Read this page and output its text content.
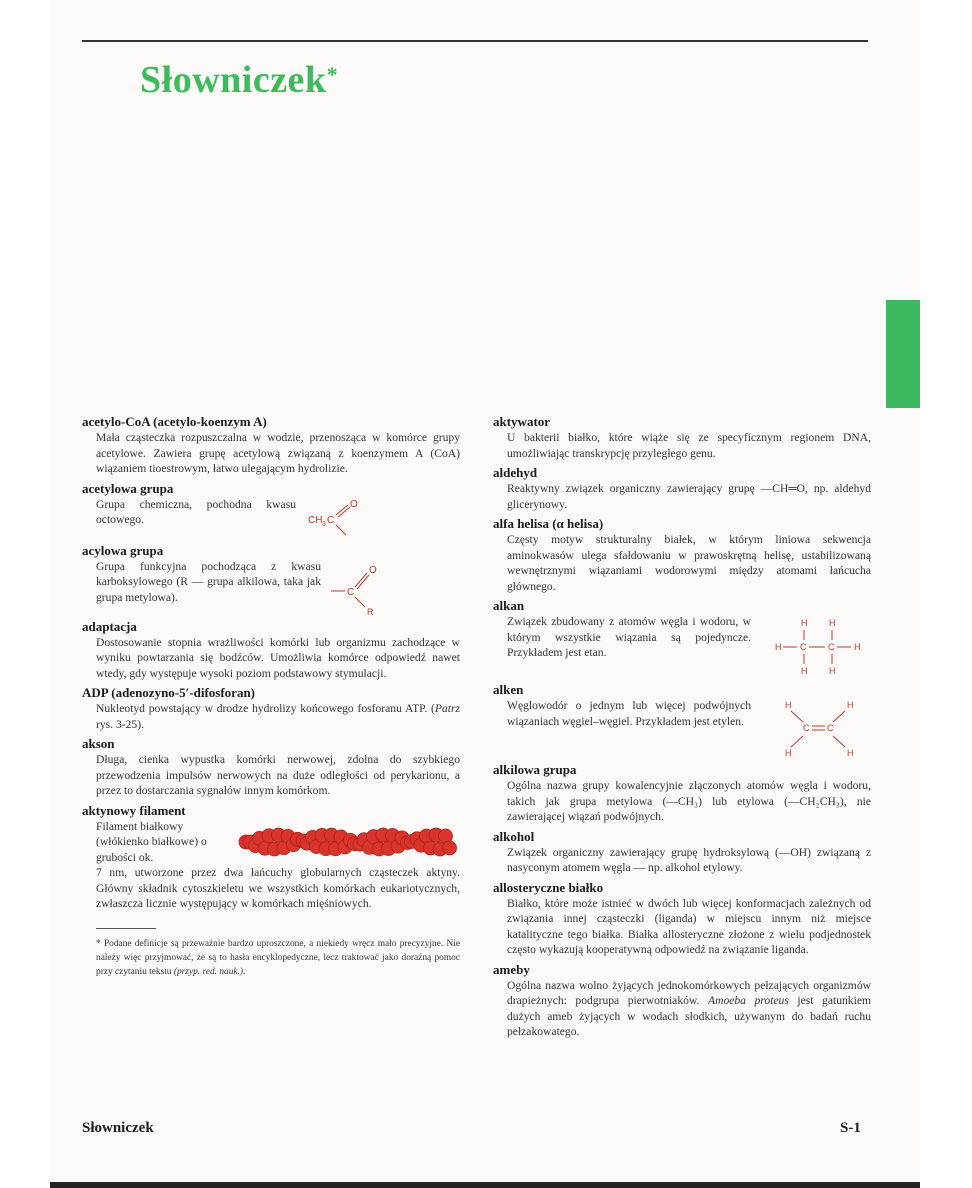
Słowniczek*

acetylo-CoA (acetylo-koenzym A)

Mała cząsteczka rozpuszczalna w wodzie, przenosząca w komórce grupy acetylowe. Zawiera grupę acetylową związaną z koenzymem A (CoA) wiązaniem tioestrowym, łatwo ulegającym hydrolizie.

acetylowa grupa

Grupa chemiczna, pochodna kwasu octowego.	CH 3 C
O

acylowa grupa

Grupa funkcyjna pochodząca z kwasu karboksylowego (R — grupa alkilowa, taka jak grupa metylowa).	C
O
R

adaptacja

Dostosowanie stopnia wrażliwości komórki lub organizmu zachodzące w wyniku powtarzania się bodźców. Umożliwia komórce odpowiedź nawet wtedy, gdy występuje wysoki poziom podstawowy stymulacji.

ADP (adenozyno-5′-difosforan)

Nukleotyd powstający w drodze hydrolizy końcowego fosforanu ATP. (Patrz rys. 3-25).

akson

Długa, cienka wypustka komórki nerwowej, zdolna do szybkiego przewodzenia impulsów nerwowych na duże odległości od perykarionu, a przez to dostarczania sygnałów innym komórkom.

aktynowy filament

Filament białkowy (włókienko białkowe) o grubości ok.

7 nm, utworzone przez dwa łańcuchy globularnych cząsteczek aktyny. Główny składnik cytoszkieletu we wszystkich komórkach eukariotycznych, zwłaszcza licznie występujący w komórkach mięśniowych.

* Podane definicje są przeważnie bardzo uproszczone, a niekiedy wręcz mało precyzyjne. Nie należy więc przyjmować, że są to hasła encyklopedyczne, lecz traktować jako doraźną pomoc przy czytaniu tekstu (przyp. red. nauk.).

aktywator

U bakterii białko, które wiąże się ze specyficznym regionem DNA, umożliwiając transkrypcję przyległego genu.

aldehyd

Reaktywny związek organiczny zawierający grupę —CH═O, np. aldehyd glicerynowy.

alfa helisa (α helisa)

Częsty motyw strukturalny białek, w którym liniowa sekwencja aminokwasów ulega sfałdowaniu w prawoskrętną helisę, ustabilizowaną wewnętrznymi wiązaniami wodorowymi między atomami łańcucha głównego.

alkan

Związek zbudowany z atomów węgla i wodoru, w którym wszystkie wiązania są pojedyncze. Przykładem jest etan.

H H
H C C H
H H

alken

Węglowodór o jednym lub więcej podwójnych wiązaniach węgiel–węgiel. Przykładem jest etylen.

H	H
C C
H	H

alkilowa grupa

Ogólna nazwa grupy kowalencyjnie złączonych atomów węgla i wodoru, takich jak grupa metylowa (—CH₃) lub etylowa (—CH₂CH₃), nie zawierającej wiązań podwójnych.

alkohol

Związek organiczny zawierający grupę hydroksylową (—OH) związaną z nasyconym atomem węgla — np. alkohol etylowy.

allosteryczne białko

Białko, które może istnieć w dwóch lub więcej konformacjach zależnych od związania innej cząsteczki (liganda) w miejscu innym niż miejsce katalityczne tego białka. Białka allosteryczne złożone z wielu podjednostek często wykazują kooperatywną odpowiedź na związanie liganda.

ameby

Ogólna nazwa wolno żyjących jednokomórkowych pełzających organizmów drapieżnych: podgrupa pierwotniaków. Amoeba proteus jest gatunkiem dużych ameb żyjących w wodach słodkich, używanym do badań ruchu pełzakowatego.

Słowniczek	S-1
